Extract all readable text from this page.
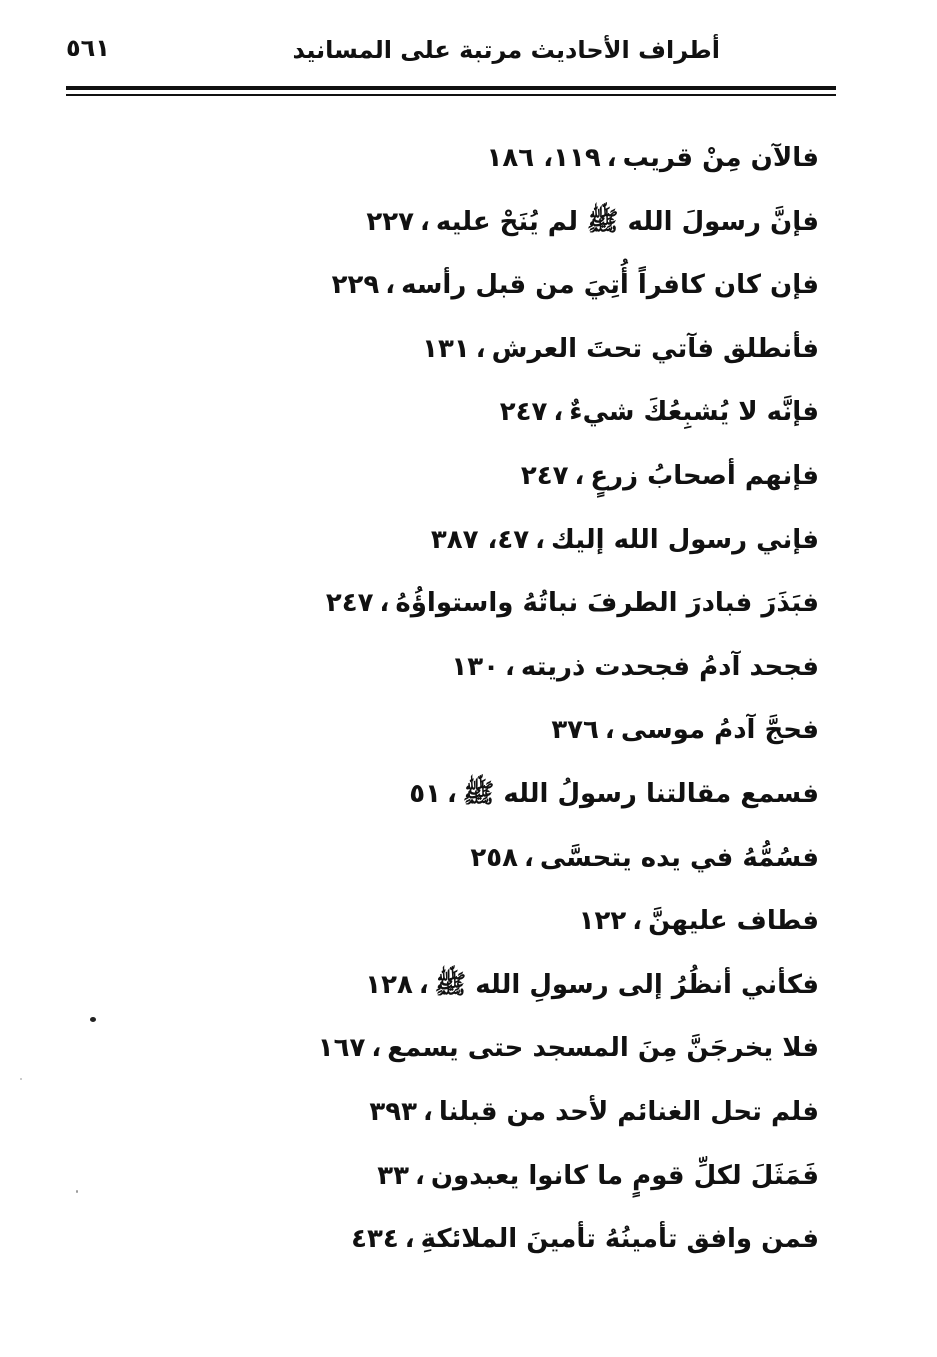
٥٦١	أطراف الأحاديث مرتبة على المسانيد
فالآن مِنْ قريب،١١٩، ١٨٦
فإنَّ رسولَ الله ﷺ لم يُنَحْ عليه،٢٢٧
فإن كان كافراً أُتِيَ من قبل رأسه،٢٢٩
فأنطلق فآتي تحتَ العرش،١٣١
فإنَّه لا يُشبِعُكَ شيءٌ،٢٤٧
فإنهم أصحابُ زرعٍ،٢٤٧
فإني رسول الله إليك،٤٧، ٣٨٧
فبَذَرَ فبادرَ الطرفَ نباتُهُ واستواؤُهُ،٢٤٧
فجحد آدمُ فجحدت ذريته،١٣٠
فحجَّ آدمُ موسى،٣٧٦
فسمع مقالتنا رسولُ الله ﷺ،٥١
فسُمُّهُ في يده يتحسَّى،٢٥٨
فطاف عليهنَّ،١٢٢
فكأني أنظُرُ إلى رسولِ الله ﷺ،١٢٨
فلا يخرجَنَّ مِنَ المسجد حتى يسمع،١٦٧
فلم تحل الغنائم لأحد من قبلنا،٣٩٣
فَمَثَلَ لكلِّ قومٍ ما كانوا يعبدون،٣٣
فمن وافق تأمينُهُ تأمينَ الملائكةِ،٤٣٤
